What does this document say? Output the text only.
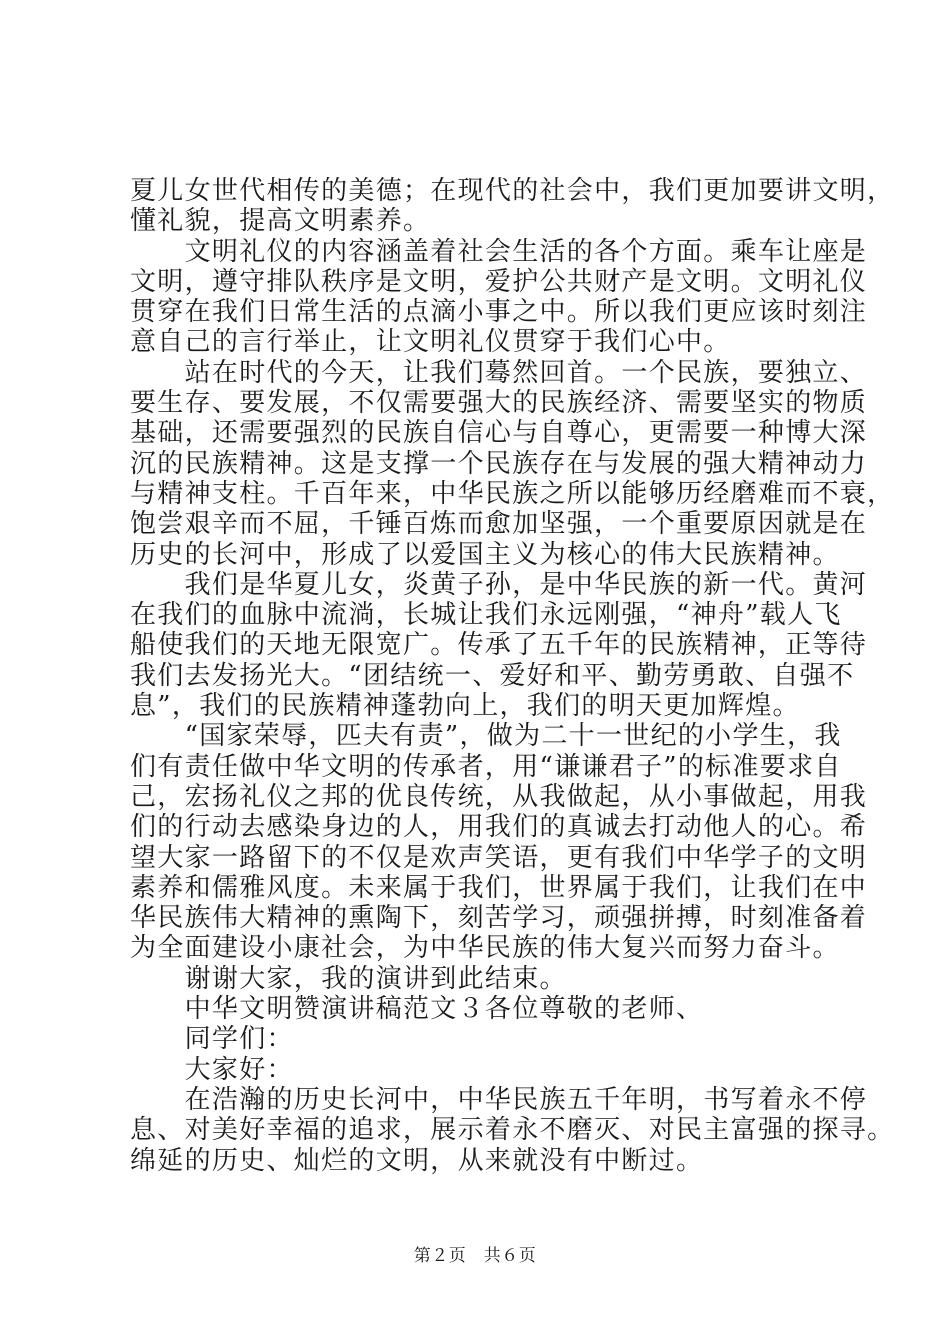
夏儿女世代相传的美德；在现代的社会中，我们更加要讲文明，
懂礼貌，提高文明素养。
　　文明礼仪的内容涵盖着社会生活的各个方面。乘车让座是
文明，遵守排队秩序是文明，爱护公共财产是文明。文明礼仪
贯穿在我们日常生活的点滴小事之中。所以我们更应该时刻注
意自己的言行举止，让文明礼仪贯穿于我们心中。
　　站在时代的今天，让我们蓦然回首。一个民族，要独立、
要生存、要发展，不仅需要强大的民族经济、需要坚实的物质
基础，还需要强烈的民族自信心与自尊心，更需要一种博大深
沉的民族精神。这是支撑一个民族存在与发展的强大精神动力
与精神支柱。千百年来，中华民族之所以能够历经磨难而不衰，
饱尝艰辛而不屈，千锤百炼而愈加坚强，一个重要原因就是在
历史的长河中，形成了以爱国主义为核心的伟大民族精神。
　　我们是华夏儿女，炎黄子孙，是中华民族的新一代。黄河
在我们的血脉中流淌，长城让我们永远刚强，“神舟”载人飞
船使我们的天地无限宽广。传承了五千年的民族精神，正等待
我们去发扬光大。“团结统一、爱好和平、勤劳勇敢、自强不
息”，我们的民族精神蓬勃向上，我们的明天更加辉煌。
　　“国家荣辱，匹夫有责”，做为二十一世纪的小学生，我
们有责任做中华文明的传承者，用“谦谦君子”的标准要求自
己，宏扬礼仪之邦的优良传统，从我做起，从小事做起，用我
们的行动去感染身边的人，用我们的真诚去打动他人的心。希
望大家一路留下的不仅是欢声笑语，更有我们中华学子的文明
素养和儒雅风度。未来属于我们，世界属于我们，让我们在中
华民族伟大精神的熏陶下，刻苦学习，顽强拼搏，时刻准备着
为全面建设小康社会，为中华民族的伟大复兴而努力奋斗。
　　谢谢大家，我的演讲到此结束。
　　中华文明赞演讲稿范文３各位尊敬的老师、
　　同学们：
　　大家好：
　　在浩瀚的历史长河中，中华民族五千年明，书写着永不停
息、对美好幸福的追求，展示着永不磨灭、对民主富强的探寻。
绵延的历史、灿烂的文明，从来就没有中断过。
第２页　共６页
